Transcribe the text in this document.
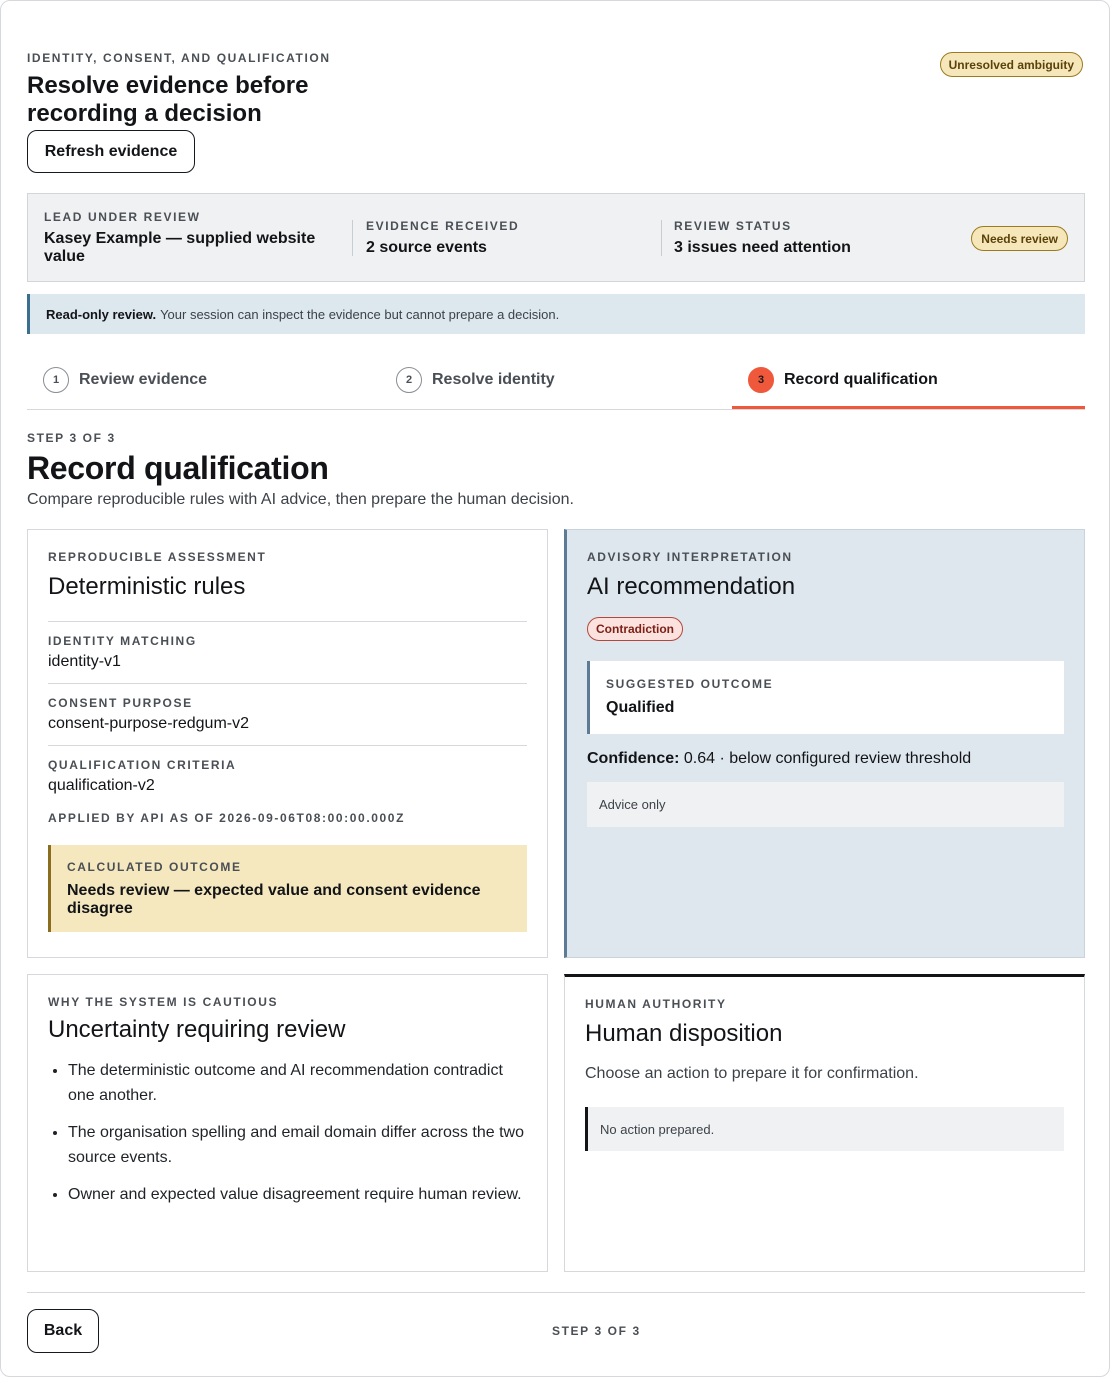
IDENTITY, CONSENT, AND QUALIFICATION
Resolve evidence before recording a decision
Refresh evidence
Unresolved ambiguity
LEAD UNDER REVIEW
Kasey Example — supplied website value
EVIDENCE RECEIVED
2 source events
REVIEW STATUS
3 issues need attention
Needs review
Read-only review. Your session can inspect the evidence but cannot prepare a decision.
1	Review evidence	2	Resolve identity	3	Record qualification
STEP 3 OF 3
Record qualification
Compare reproducible rules with AI advice, then prepare the human decision.
REPRODUCIBLE ASSESSMENT
Deterministic rules
IDENTITY MATCHING
identity-v1
CONSENT PURPOSE
consent-purpose-redgum-v2
QUALIFICATION CRITERIA
qualification-v2
APPLIED BY API AS OF 2026-09-06T08:00:00.000Z
CALCULATED OUTCOME
Needs review — expected value and consent evidence disagree
ADVISORY INTERPRETATION
AI recommendation
Contradiction
SUGGESTED OUTCOME
Qualified
Confidence: 0.64 · below configured review threshold
Advice only
WHY THE SYSTEM IS CAUTIOUS
Uncertainty requiring review
• The deterministic outcome and AI recommendation contradict one another.
• The organisation spelling and email domain differ across the two source events.
• Owner and expected value disagreement require human review.
HUMAN AUTHORITY
Human disposition
Choose an action to prepare it for confirmation.
No action prepared.
Back	STEP 3 OF 3
